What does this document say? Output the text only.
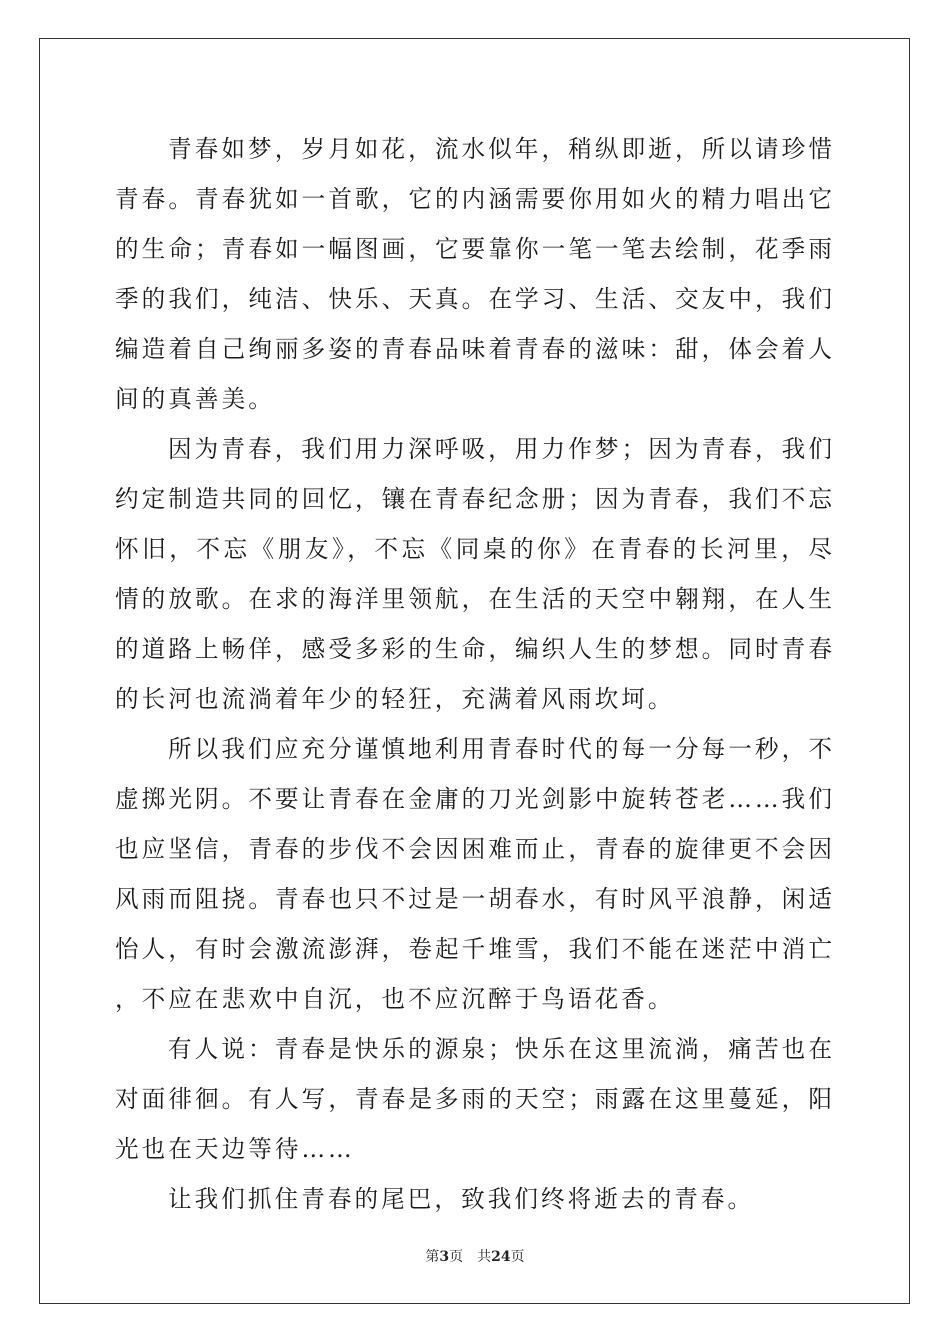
青春如梦，岁月如花，流水似年，稍纵即逝，所以请珍惜青春。青春犹如一首歌，它的内涵需要你用如火的精力唱出它的生命；青春如一幅图画，它要靠你一笔一笔去绘制，花季雨季的我们，纯洁、快乐、天真。在学习、生活、交友中，我们编造着自己绚丽多姿的青春品味着青春的滋味：甜，体会着人间的真善美。

因为青春，我们用力深呼吸，用力作梦；因为青春，我们约定制造共同的回忆，镶在青春纪念册；因为青春，我们不忘怀旧，不忘《朋友》，不忘《同桌的你》在青春的长河里，尽情的放歌。在求的海洋里领航，在生活的天空中翱翔，在人生的道路上畅佯，感受多彩的生命，编织人生的梦想。同时青春的长河也流淌着年少的轻狂，充满着风雨坎坷。

所以我们应充分谨慎地利用青春时代的每一分每一秒，不虚掷光阴。不要让青春在金庸的刀光剑影中旋转苍老……我们也应坚信，青春的步伐不会因困难而止，青春的旋律更不会因风雨而阻挠。青春也只不过是一胡春水，有时风平浪静，闲适怡人，有时会激流澎湃，卷起千堆雪，我们不能在迷茫中消亡，不应在悲欢中自沉，也不应沉醉于鸟语花香。

有人说：青春是快乐的源泉；快乐在这里流淌，痛苦也在对面徘徊。有人写，青春是多雨的天空；雨露在这里蔓延，阳光也在天边等待……

让我们抓住青春的尾巴，致我们终将逝去的青春。

第3页 共24页
